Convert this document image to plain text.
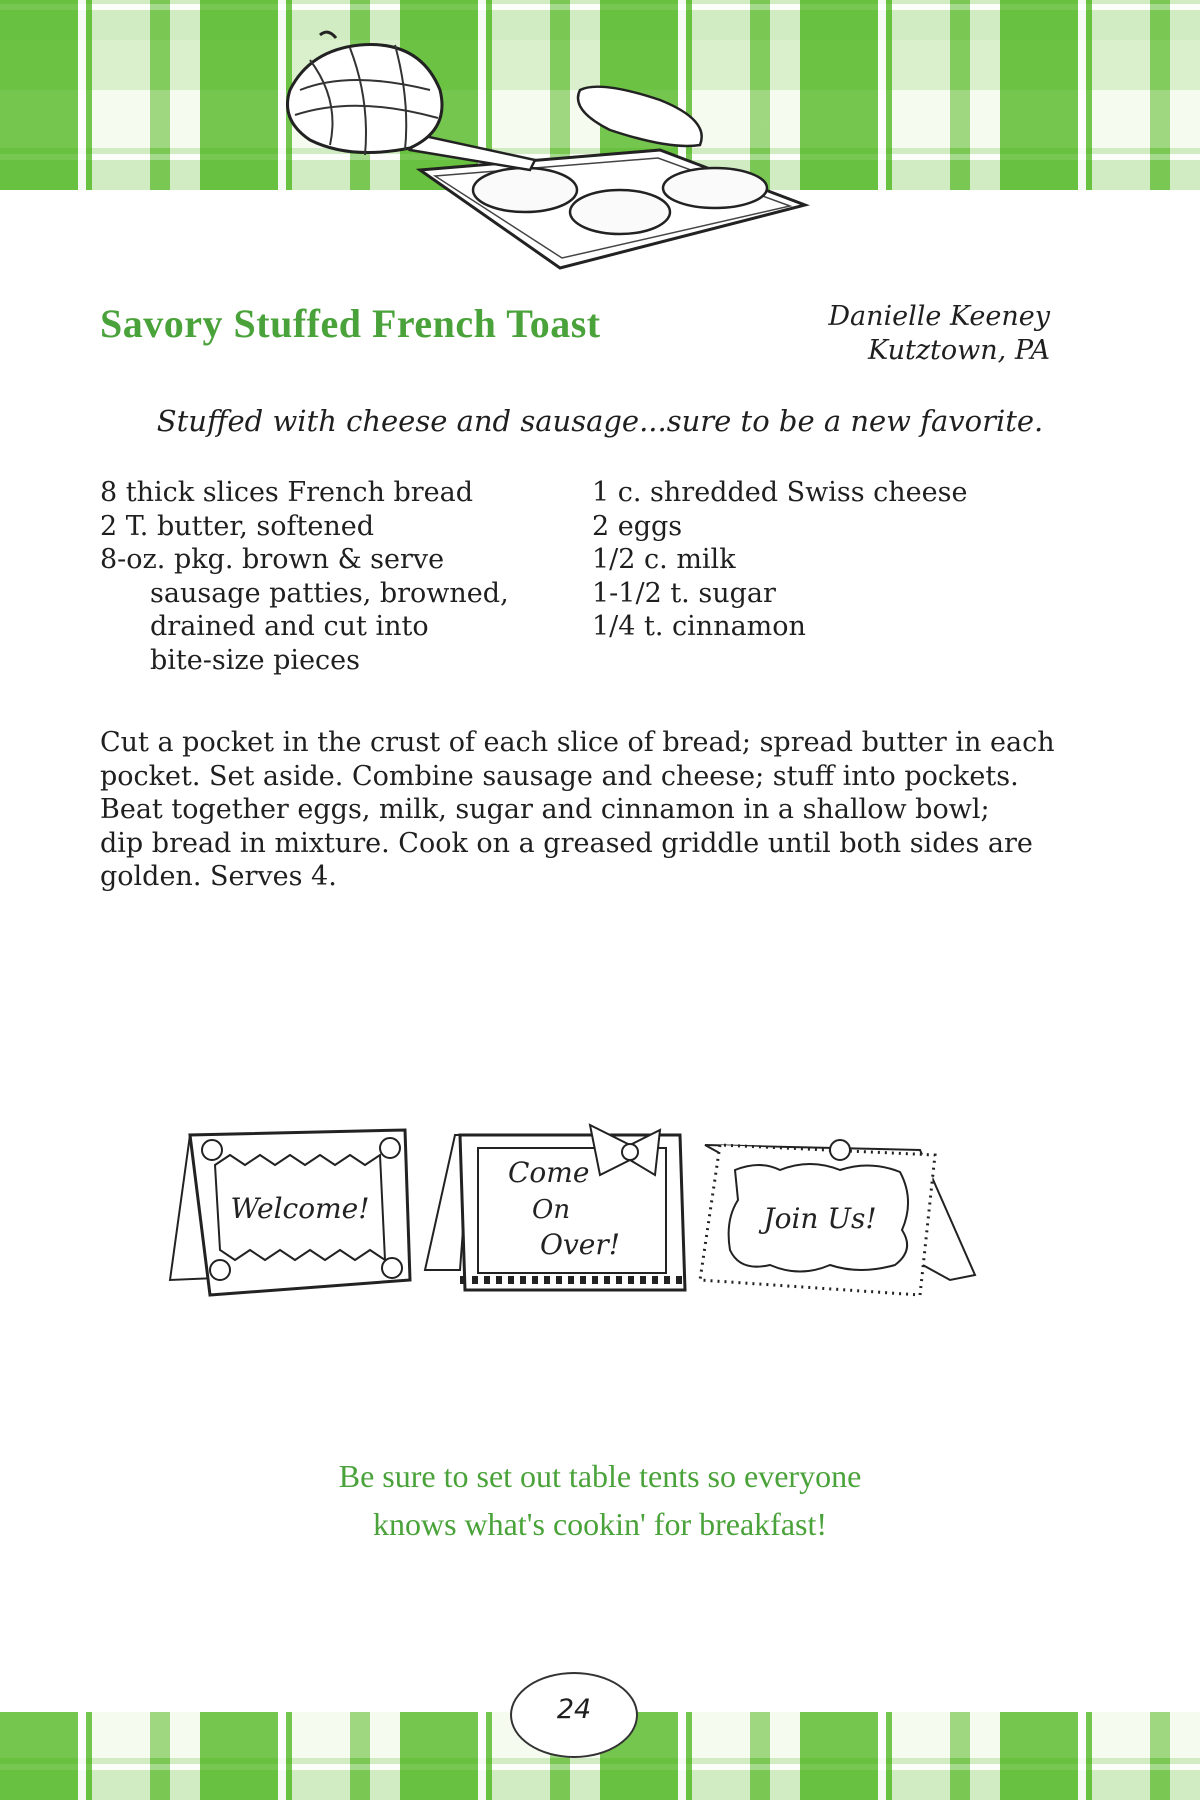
Savory Stuffed French Toast	Danielle Keeney
Kutztown, PA
Stuffed with cheese and sausage...sure to be a new favorite.
8 thick slices French bread
2 T. butter, softened
8-oz. pkg. brown & serve
sausage patties, browned,
drained and cut into
bite-size pieces
1 c. shredded Swiss cheese
2 eggs
1/2 c. milk
1-1/2 t. sugar
1/4 t. cinnamon
Cut a pocket in the crust of each slice of bread; spread butter in each
pocket. Set aside. Combine sausage and cheese; stuff into pockets.
Beat together eggs, milk, sugar and cinnamon in a shallow bowl;
dip bread in mixture. Cook on a greased griddle until both sides are
golden. Serves 4.
Welcome!
Come
On
Over!
Join Us!
Be sure to set out table tents so everyone
knows what's cookin' for breakfast!
24
